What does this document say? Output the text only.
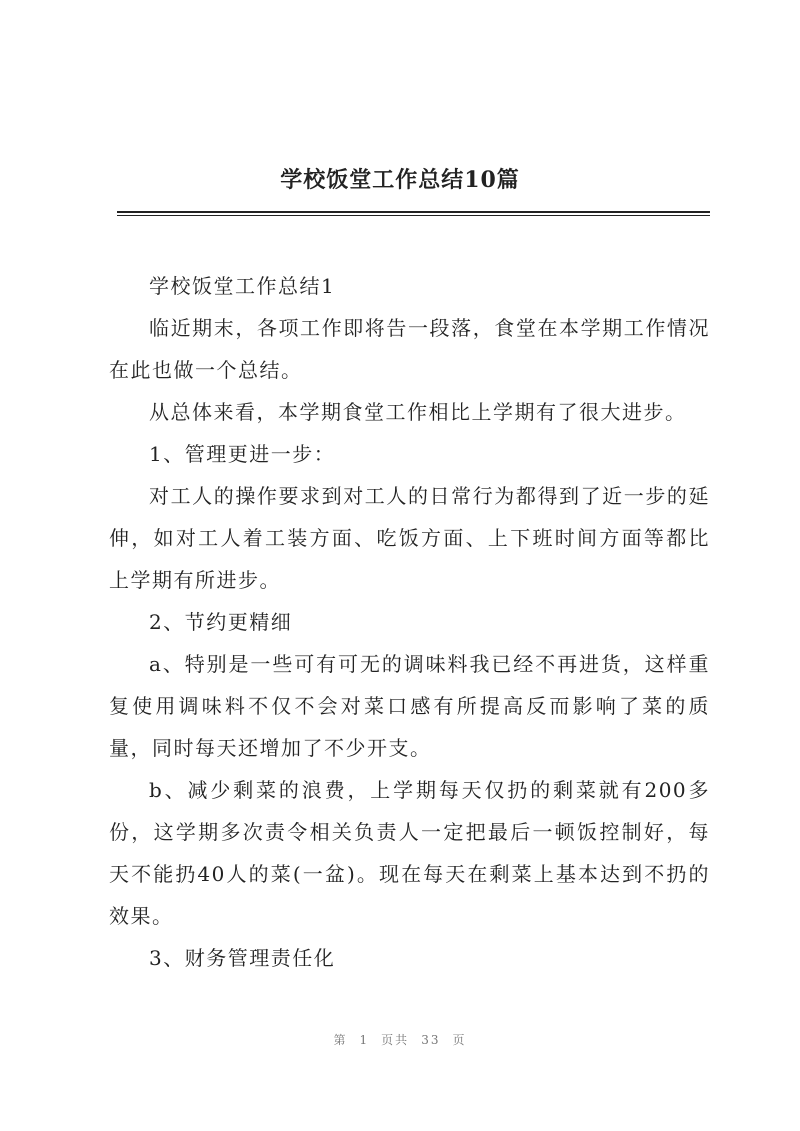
学校饭堂工作总结10篇

学校饭堂工作总结1

临近期末，各项工作即将告一段落，食堂在本学期工作情况在此也做一个总结。

从总体来看，本学期食堂工作相比上学期有了很大进步。

1、管理更进一步：

对工人的操作要求到对工人的日常行为都得到了近一步的延伸，如对工人着工装方面、吃饭方面、上下班时间方面等都比上学期有所进步。

2、节约更精细

a、特别是一些可有可无的调味料我已经不再进货，这样重复使用调味料不仅不会对菜口感有所提高反而影响了菜的质量，同时每天还增加了不少开支。

b、减少剩菜的浪费，上学期每天仅扔的剩菜就有200多份，这学期多次责令相关负责人一定把最后一顿饭控制好，每天不能扔40人的菜(一盆)。现在每天在剩菜上基本达到不扔的效果。

3、财务管理责任化

第 1 页共 33 页
